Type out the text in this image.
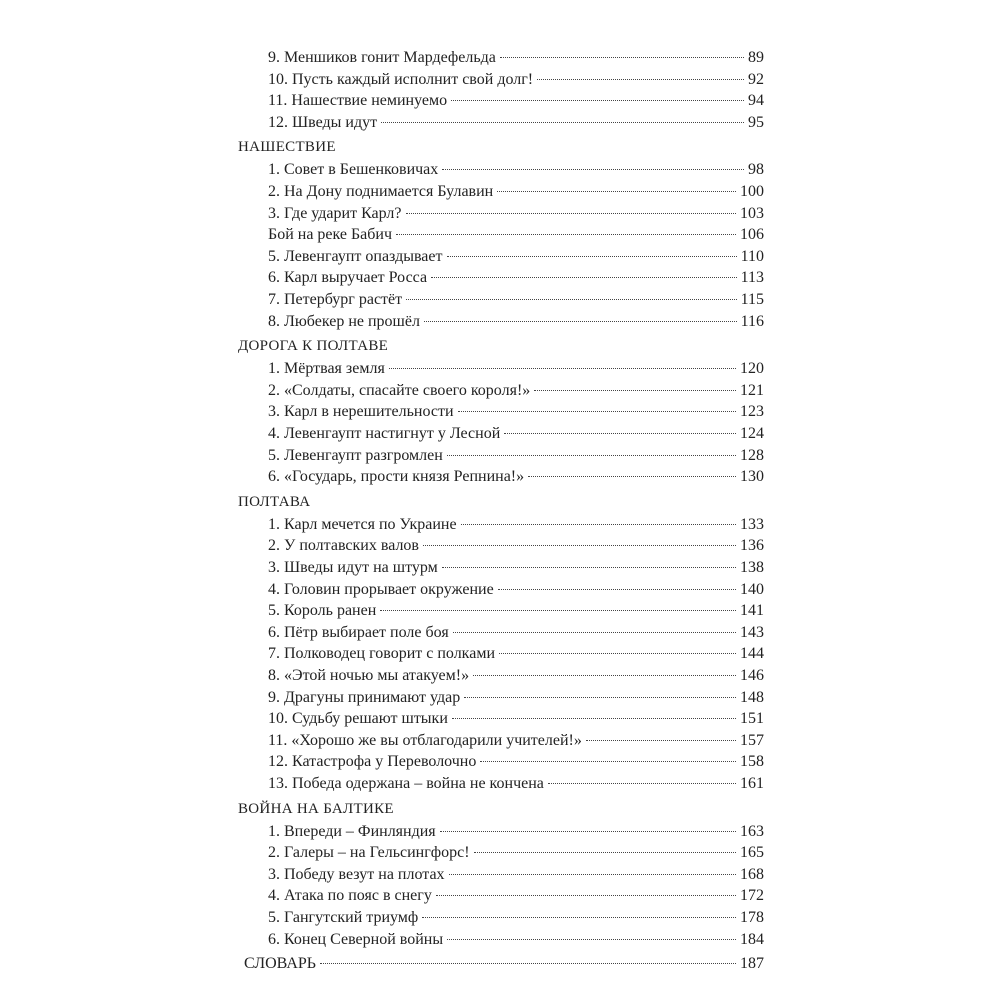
9. Меншиков гонит Мардефельда	89
10. Пусть каждый исполнит свой долг!	92
11. Нашествие неминуемо	94
12. Шведы идут	95
НАШЕСТВИЕ
1. Совет в Бешенковичах	98
2. На Дону поднимается Булавин	100
3. Где ударит Карл?	103
Бой на реке Бабич	106
5. Левенгаупт опаздывает	110
6. Карл выручает Росса	113
7. Петербург растёт	115
8. Любекер не прошёл	116
ДОРОГА К ПОЛТАВЕ
1. Мёртвая земля	120
2. «Солдаты, спасайте своего короля!»	121
3. Карл в нерешительности	123
4. Левенгаупт настигнут у Лесной	124
5. Левенгаупт разгромлен	128
6. «Государь, прости князя Репнина!»	130
ПОЛТАВА
1. Карл мечется по Украине	133
2. У полтавских валов	136
3. Шведы идут на штурм	138
4. Головин прорывает окружение	140
5. Король ранен	141
6. Пётр выбирает поле боя	143
7. Полководец говорит с полками	144
8. «Этой ночью мы атакуем!»	146
9. Драгуны принимают удар	148
10. Судьбу решают штыки	151
11. «Хорошо же вы отблагодарили учителей!»	157
12. Катастрофа у Переволочно	158
13. Победа одержана – война не кончена	161
ВОЙНА НА БАЛТИКЕ
1. Впереди – Финляндия	163
2. Галеры – на Гельсингфорс!	165
3. Победу везут на плотах	168
4. Атака по пояс в снегу	172
5. Гангутский триумф	178
6. Конец Северной войны	184
СЛОВАРЬ	187
